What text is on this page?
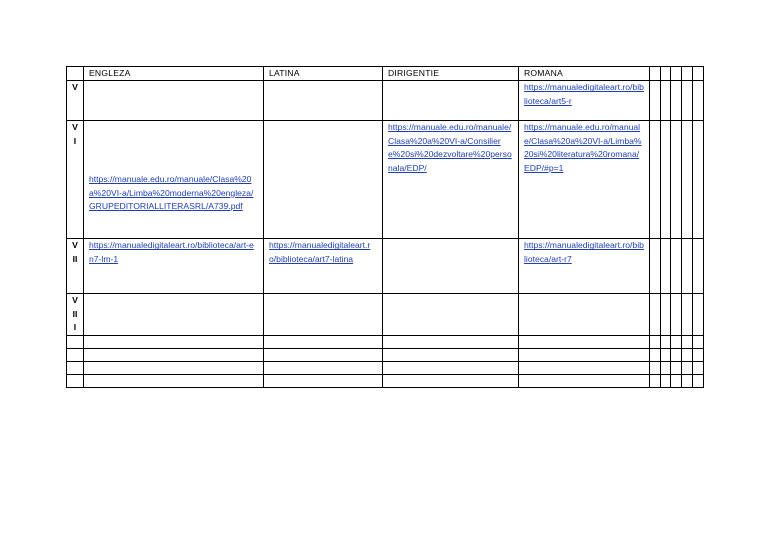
	ENGLEZA	LATINA	DIRIGENTIE	ROMANA					

V				https://manualedigitaleart.ro/biblioteca/art5-r					

V
I	https://manuale.edu.ro/manuale/Clasa%20a%20VI-a/Limba%20moderna%20engleza/GRUPEDITORIALLITERASRL/A739.pdf		https://manuale.edu.ro/manuale/Clasa%20a%20VI-a/Consiliere%20si%20dezvoltare%20personala/EDP/	https://manuale.edu.ro/manuale/Clasa%20a%20VI-a/Limba%20si%20literatura%20romana/EDP/#p=1					

V
II	https://manualedigitaleart.ro/biblioteca/art-en7-lm-1	https://manualedigitaleart.ro/biblioteca/art7-latina		https://manualedigitaleart.ro/biblioteca/art-r7					

V
II
I									
